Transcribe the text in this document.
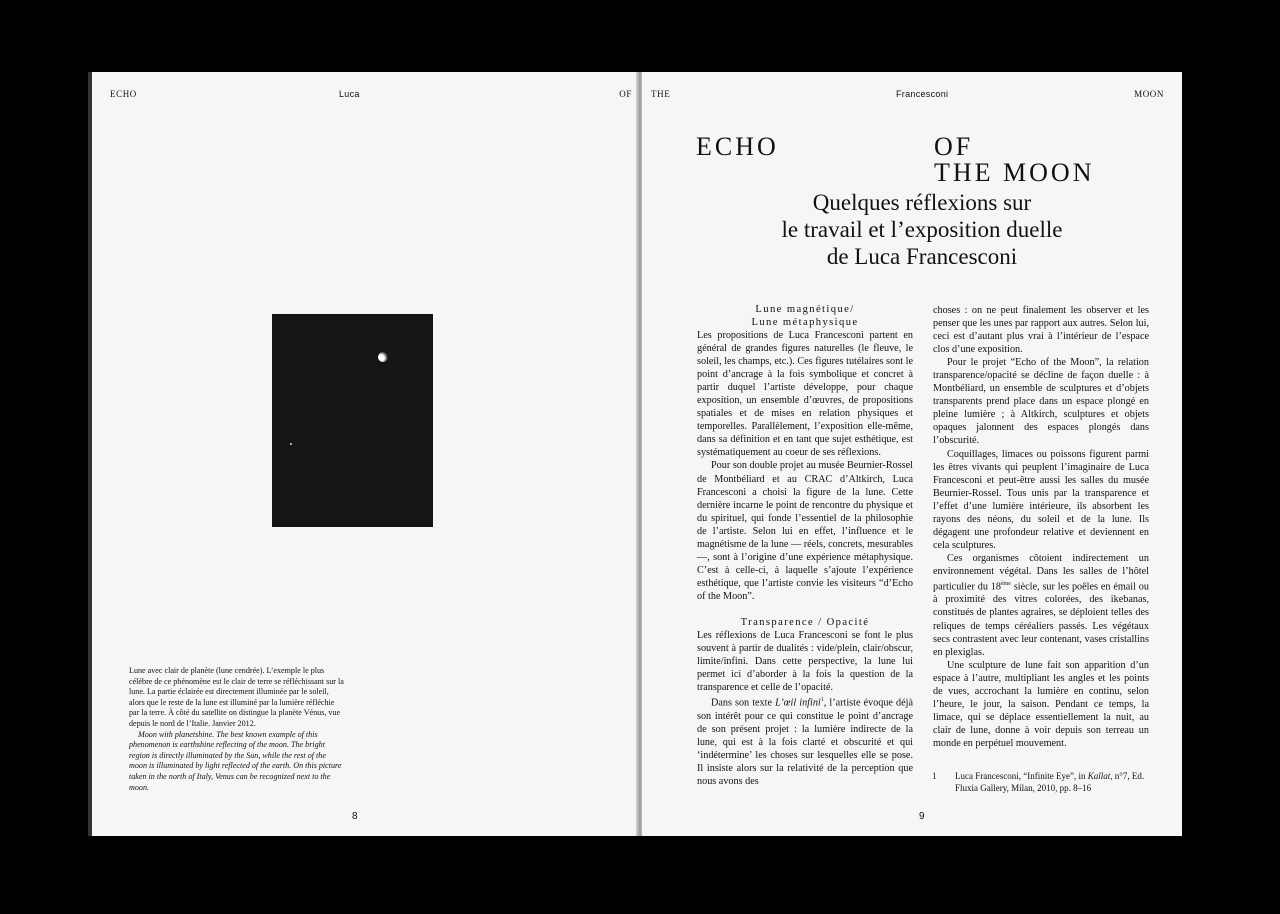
ECHO	Luca	OF
Lune avec clair de planète (lune cendrée). L’exemple le plus célèbre de ce phénomène est le clair de terre se réfléchissant sur la lune. La partie éclairée est directement illuminée par le soleil, alors que le reste de la lune est illuminé par la lumière réfléchie par la terre. À côté du satellite on distingue la planète Vénus, vue depuis le nord de l’Italie. Janvier 2012.
Moon with planetshine. The best known example of this phenomenon is earthshine reflecting of the moon. The bright region is directly illuminated by the Sun, while the rest of the moon is illuminated by light reflected of the earth. On this picture taken in the north of Italy, Venus can be recognized next to the moon.
8
THE	Francesconi	MOON
ECHO	OF
THE MOON
Quelques réflexions sur
le travail et l’exposition duelle
de Luca Francesconi
Lune magnétique/
Lune métaphysique

Les propositions de Luca Francesconi partent en général de grandes figures naturelles (le fleuve, le soleil, les champs, etc.). Ces figures tutélaires sont le point d’ancrage à la fois symbolique et concret à partir duquel l’artiste développe, pour chaque exposition, un ensemble d’œuvres, de propositions spatiales et de mises en relation physiques et temporelles. Parallèlement, l’exposition elle-même, dans sa définition et en tant que sujet esthétique, est systématiquement au coeur de ses réflexions.

Pour son double projet au musée Beurnier-Rossel de Montbéliard et au CRAC d’Altkirch, Luca Francesconi a choisi la figure de la lune. Cette dernière incarne le point de rencontre du physique et du spirituel, qui fonde l’essentiel de la philosophie de l’artiste. Selon lui en effet, l’influence et le magnétisme de la lune — réels, concrets, mesurables —, sont à l’origine d’une expérience métaphysique. C’est à celle-ci, à laquelle s’ajoute l’expérience esthétique, que l’artiste convie les visiteurs “d’Echo of the Moon”.

Transparence / Opacité

Les réflexions de Luca Francesconi se font le plus souvent à partir de dualités : vide/plein, clair/obscur, limite/infini. Dans cette perspective, la lune lui permet ici d’aborder à la fois la question de la transparence et celle de l’opacité.

Dans son texte L’œil infini$^1$, l’artiste évoque déjà son intérêt pour ce qui constitue le point d’ancrage de son présent projet : la lumière indirecte de la lune, qui est à la fois clarté et obscurité et qui ‘indétermine’ les choses sur lesquelles elle se pose. Il insiste alors sur la relativité de la perception que nous avons des

choses : on ne peut finalement les observer et les penser que les unes par rapport aux autres. Selon lui, ceci est d’autant plus vrai à l’intérieur de l’espace clos d’une exposition.

Pour le projet “Echo of the Moon”, la relation transparence/opacité se décline de façon duelle : à Montbéliard, un ensemble de sculptures et d’objets transparents prend place dans un espace plongé en pleine lumière ; à Altkirch, sculptures et objets opaques jalonnent des espaces plongés dans l’obscurité.

Coquillages, limaces ou poissons figurent parmi les êtres vivants qui peuplent l’imaginaire de Luca Francesconi et peut-être aussi les salles du musée Beurnier-Rossel. Tous unis par la transparence et l’effet d’une lumière intérieure, ils absorbent les rayons des néons, du soleil et de la lune. Ils dégagent une profondeur relative et deviennent en cela sculptures.

Ces organismes côtoient indirectement un environnement végétal. Dans les salles de l’hôtel particulier du 18ème siècle, sur les poêles en émail ou à proximité des vitres colorées, des ikebanas, constitués de plantes agraires, se déploient telles des reliques de temps céréaliers passés. Les végétaux secs contrastent avec leur contenant, vases cristallins en plexiglas.

Une sculpture de lune fait son apparition d’un espace à l’autre, multipliant les angles et les points de vues, accrochant la lumière en continu, selon l’heure, le jour, la saison. Pendant ce temps, la limace, qui se déplace essentiellement la nuit, au clair de lune, donne à voir depuis son terreau un monde en perpétuel mouvement.

1 Luca Francesconi, “Infinite Eye”, in Kallat, n°7, Ed. Fluxia Gallery, Milan, 2010, pp. 8–16
9
